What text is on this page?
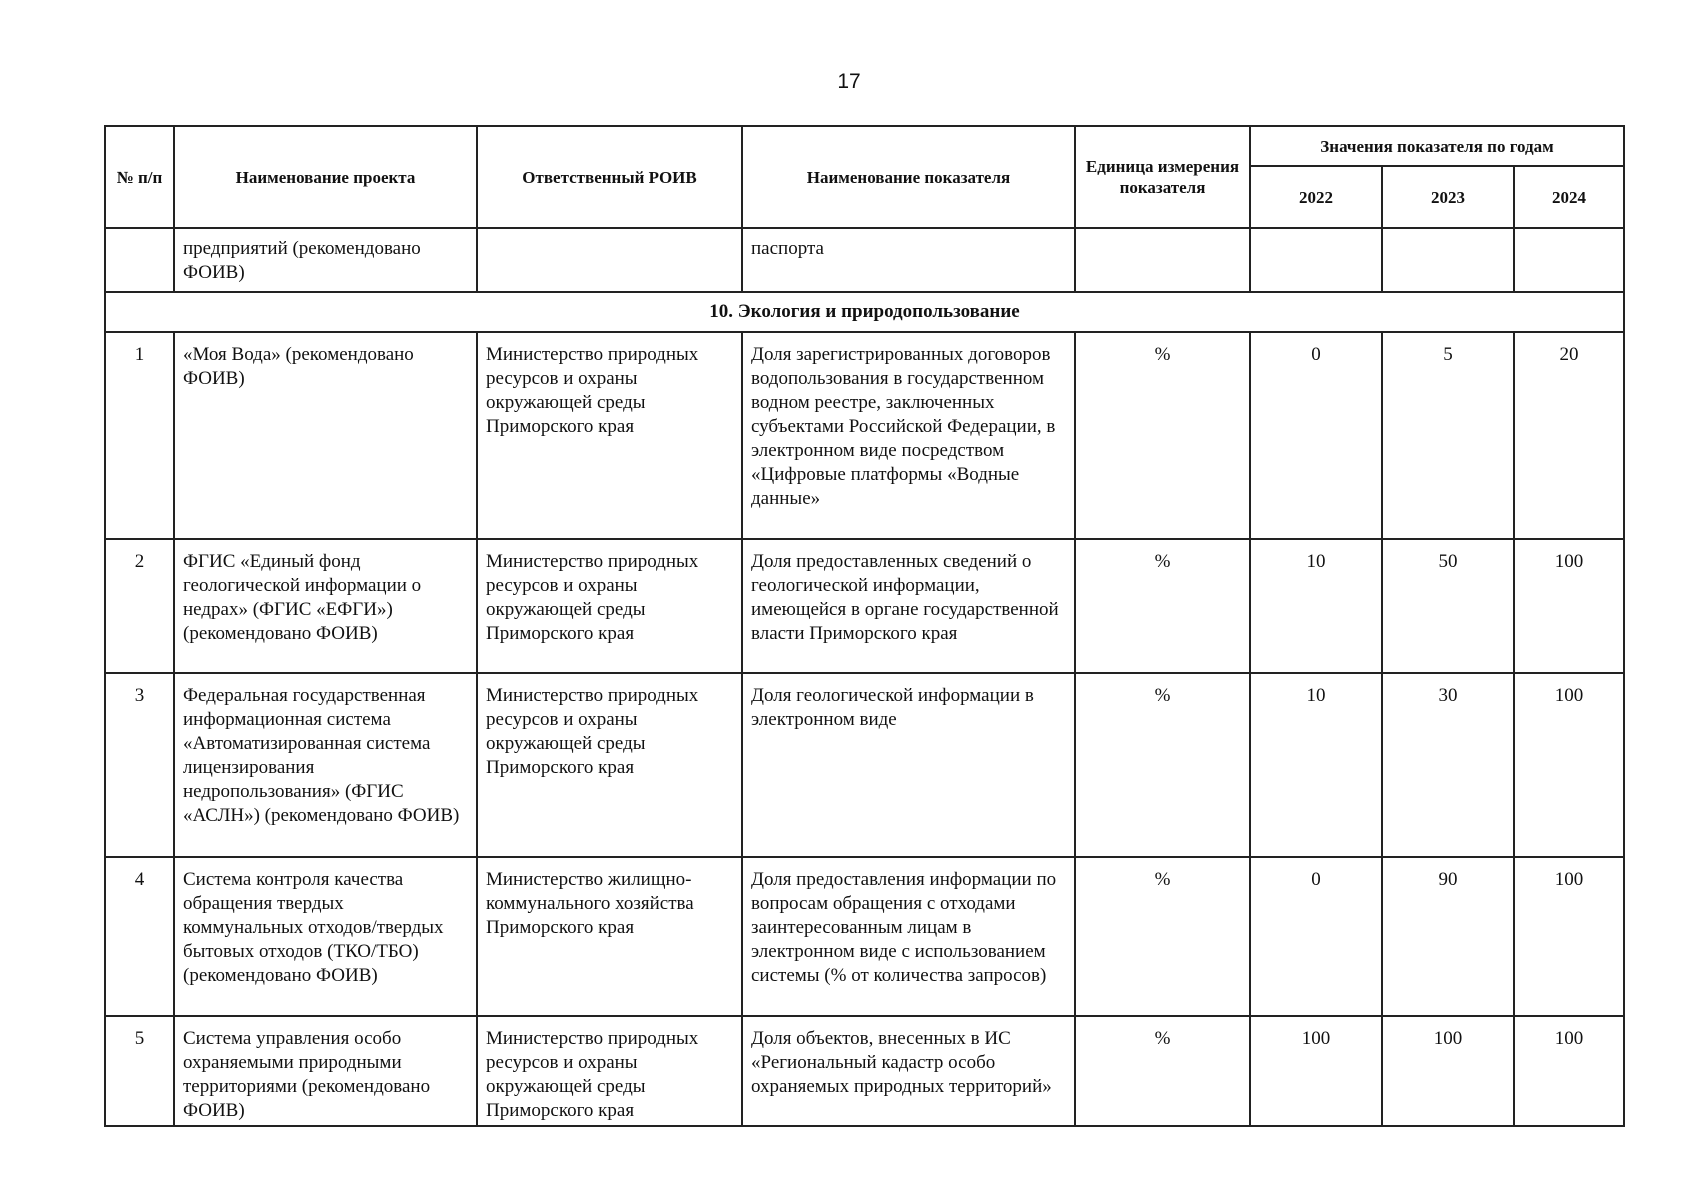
17
№ п/п	Наименование проекта	Ответственный РОИВ	Наименование показателя	Единица измерения показателя	Значения показателя по годам		
					2022	2023	2024
	предприятий (рекомендовано ФОИВ)		паспорта				
10. Экология и природопользование							
1	«Моя Вода» (рекомендовано ФОИВ)	Министерство природных ресурсов и охраны окружающей среды Приморского края	Доля зарегистрированных договоров водопользования в государственном водном реестре, заключенных субъектами Российской Федерации, в электронном виде посредством «Цифровые платформы «Водные данные»	%	0	5	20
2	ФГИС «Единый фонд геологической информации о недрах» (ФГИС «ЕФГИ») (рекомендовано ФОИВ)	Министерство природных ресурсов и охраны окружающей среды Приморского края	Доля предоставленных сведений о геологической информации, имеющейся в органе государственной власти Приморского края	%	10	50	100
3	Федеральная государственная информационная система «Автоматизированная система лицензирования недропользования» (ФГИС «АСЛН») (рекомендовано ФОИВ)	Министерство природных ресурсов и охраны окружающей среды Приморского края	Доля геологической информации в электронном виде	%	10	30	100
4	Система контроля качества обращения твердых коммунальных отходов/твердых бытовых отходов (ТКО/ТБО) (рекомендовано ФОИВ)	Министерство жилищно-коммунального хозяйства Приморского края	Доля предоставления информации по вопросам обращения с отходами заинтересованным лицам в электронном виде с использованием системы (% от количества запросов)	%	0	90	100
5	Система управления особо охраняемыми природными территориями (рекомендовано ФОИВ)	Министерство природных ресурсов и охраны окружающей среды Приморского края	Доля объектов, внесенных в ИС «Региональный кадастр особо охраняемых природных территорий»	%	100	100	100
